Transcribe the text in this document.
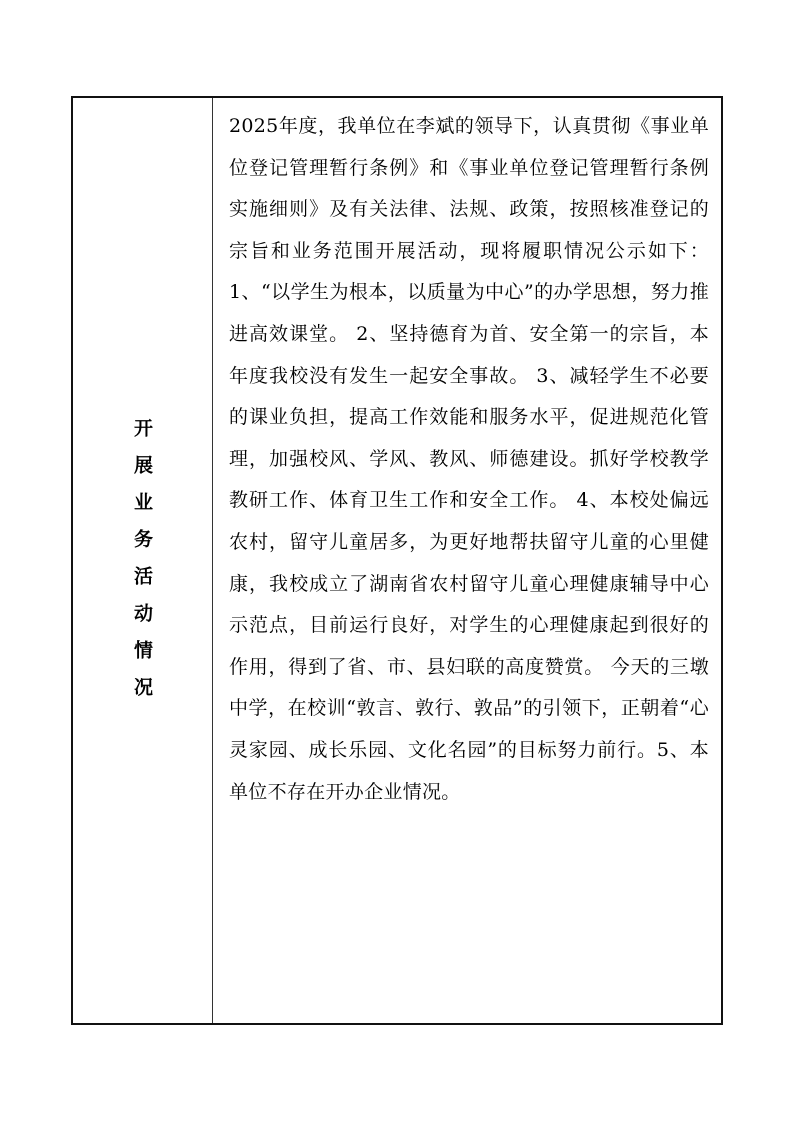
开展业务活动情况

2025年度，我单位在李斌的领导下，认真贯彻《事业单位登记管理暂行条例》和《事业单位登记管理暂行条例实施细则》及有关法律、法规、政策，按照核准登记的宗旨和业务范围开展活动，现将履职情况公示如下： 1、“以学生为根本，以质量为中心”的办学思想，努力推进高效课堂。 2、坚持德育为首、安全第一的宗旨，本年度我校没有发生一起安全事故。 3、减轻学生不必要的课业负担，提高工作效能和服务水平，促进规范化管理，加强校风、学风、教风、师德建设。抓好学校教学教研工作、体育卫生工作和安全工作。 4、本校处偏远农村，留守儿童居多，为更好地帮扶留守儿童的心里健康，我校成立了湖南省农村留守儿童心理健康辅导中心示范点，目前运行良好，对学生的心理健康起到很好的作用，得到了省、市、县妇联的高度赞赏。 今天的三墩中学，在校训“敦言、敦行、敦品”的引领下，正朝着“心灵家园、成长乐园、文化名园”的目标努力前行。5、本单位不存在开办企业情况。
